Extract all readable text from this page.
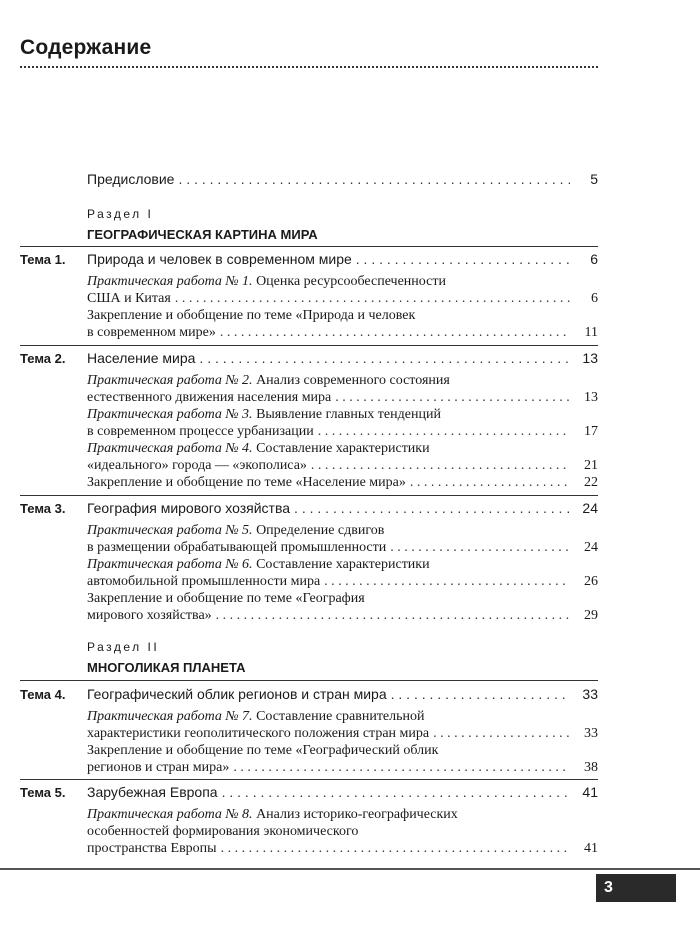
Содержание
Предисловие . . .	5
Раздел I
ГЕОГРАФИЧЕСКАЯ КАРТИНА МИРА
Тема 1. Природа и человек в современном мире . . .	6
Практическая работа № 1. Оценка ресурсообеспеченности
США и Китая . . .	6
Закрепление и обобщение по теме «Природа и человек
в современном мире» . . .	11
Тема 2. Население мира . . .	13
Практическая работа № 2. Анализ современного состояния
естественного движения населения мира . . .	13
Практическая работа № 3. Выявление главных тенденций
в современном процессе урбанизации . . .	17
Практическая работа № 4. Составление характеристики
«идеального» города — «экополиса» . . .	21
Закрепление и обобщение по теме «Население мира» . . .	22
Тема 3. География мирового хозяйства . . .	24
Практическая работа № 5. Определение сдвигов
в размещении обрабатывающей промышленности . . .	24
Практическая работа № 6. Составление характеристики
автомобильной промышленности мира . . .	26
Закрепление и обобщение по теме «География
мирового хозяйства» . . .	29
Раздел II
МНОГОЛИКАЯ ПЛАНЕТА
Тема 4. Географический облик регионов и стран мира . . .	33
Практическая работа № 7. Составление сравнительной
характеристики геополитического положения стран мира . . .	33
Закрепление и обобщение по теме «Географический облик
регионов и стран мира» . . .	38
Тема 5. Зарубежная Европа . . .	41
Практическая работа № 8. Анализ историко-географических
особенностей формирования экономического
пространства Европы . . .	41
3
